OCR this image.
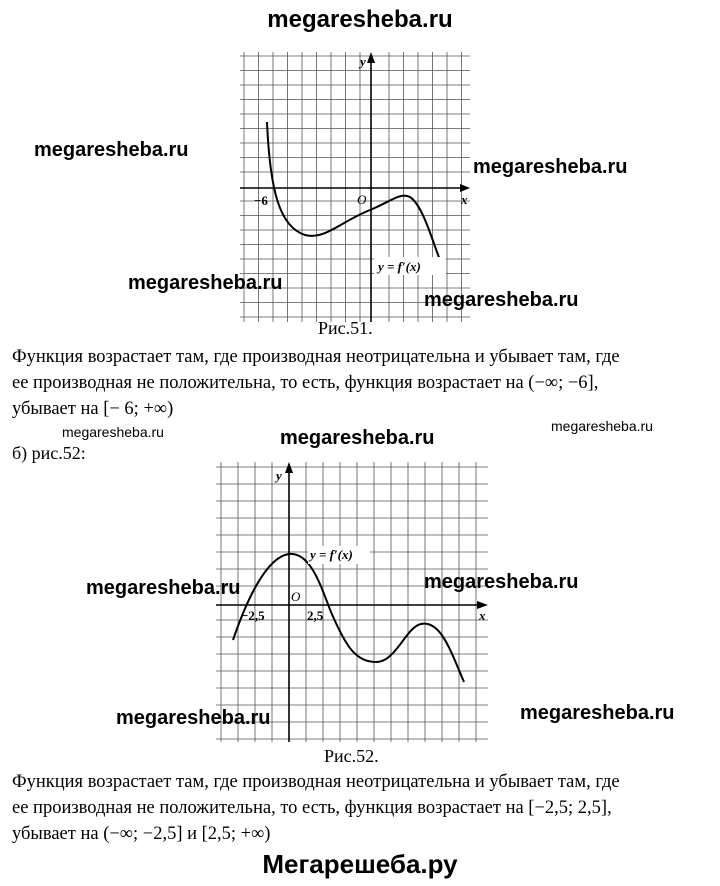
megaresheba.ru
y
x
O
−6
y = f′(x)
Рис.51.
megaresheba.ru
megaresheba.ru
megaresheba.ru
megaresheba.ru
Функция возрастает там, где производная неотрицательна и убывает там, где
ее производная не положительна, то есть, функция возрастает на (−∞; −6],
убывает на [− 6; +∞)
megaresheba.ru	megaresheba.ru
megaresheba.ru
б) рис.52:
y
x
O
−2,5	2,5
y = f′(x)
Рис.52.
megaresheba.ru	megaresheba.ru
megaresheba.ru	megaresheba.ru
Функция возрастает там, где производная неотрицательна и убывает там, где
ее производная не положительна, то есть, функция возрастает на [−2,5; 2,5],
убывает на (−∞; −2,5] и [2,5; +∞)
Мегарешеба.ру
